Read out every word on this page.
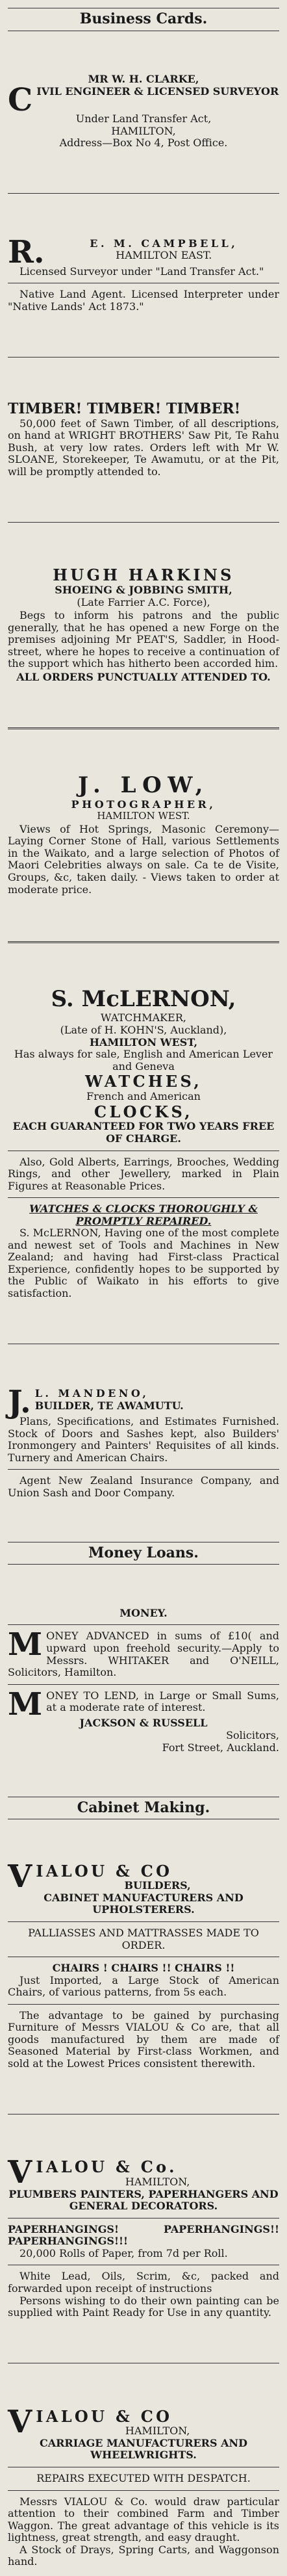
Business Cards.
MR W. H. CLARKE,
CIVIL ENGINEER & LICENSED SURVEYOR
Under Land Transfer Act,
HAMILTON,
Address—Box No 4, Post Office.
R.	E. M. CAMPBELL,
HAMILTON EAST.
Licensed Surveyor under "Land Transfer Act."
Native Land Agent. Licensed Interpreter under "Native Lands' Act 1873."
TIMBER! TIMBER! TIMBER!
50,000 feet of Sawn Timber, of all descriptions, on hand at WRIGHT BROTHERS' Saw Pit, Te Rahu Bush, at very low rates. Orders left with Mr W. SLOANE, Storekeeper, Te Awamutu, or at the Pit, will be promptly attended to.
HUGH HARKINS
SHOEING & JOBBING SMITH,
(Late Farrier A.C. Force),
Begs to inform his patrons and the public generally, that he has opened a new Forge on the premises adjoining Mr PEAT'S, Saddler, in Hood-street, where he hopes to receive a continuation of the support which has hitherto been accorded him.
ALL ORDERS PUNCTUALLY ATTENDED TO.
J. LOW,
PHOTOGRAPHER,
HAMILTON WEST.
Views of Hot Springs, Masonic Ceremony—Laying Corner Stone of Hall, various Settlements in the Waikato, and a large selection of Photos of Maori Celebrities always on sale. Ca te de Visite, Groups, &c, taken daily. - Views taken to order at moderate price.
S. McLERNON,
WATCHMAKER,
(Late of H. KOHN'S, Auckland),
HAMILTON WEST,
Has always for sale, English and American Lever and Geneva
WATCHES,
French and American
CLOCKS,
EACH GUARANTEED FOR TWO YEARS FREE OF CHARGE.
Also, Gold Alberts, Earrings, Brooches, Wedding Rings, and other Jewellery, marked in Plain Figures at Reasonable Prices.
WATCHES & CLOCKS THOROUGHLY & PROMPTLY REPAIRED.
S. McLERNON, Having one of the most complete and newest set of Tools and Machines in New Zealand; and having had First-class Practical Experience, confidently hopes to be supported by the Public of Waikato in his efforts to give satisfaction.
J. L. MANDENO,
BUILDER, TE AWAMUTU.
Plans, Specifications, and Estimates Furnished. Stock of Doors and Sashes kept, also Builders' Ironmongery and Painters' Requisites of all kinds. Turnery and American Chairs.
Agent New Zealand Insurance Company, and Union Sash and Door Company.
Money Loans.
MONEY.
MONEY ADVANCED in sums of £10( and upward upon freehold security.—Apply to Messrs. WHITAKER and O'NEILL, Solicitors, Hamilton.
MONEY TO LEND, in Large or Small Sums, at a moderate rate of interest.
JACKSON & RUSSELL
Solicitors,
Fort Street, Auckland.
Cabinet Making.
VIALOU & CO
BUILDERS,
CABINET MANUFACTURERS AND UPHOLSTERERS.
PALLIASSES AND MATTRASSES MADE TO ORDER.
CHAIRS ! CHAIRS !! CHAIRS !!
Just Imported, a Large Stock of American Chairs, of various patterns, from 5s each.
The advantage to be gained by purchasing Furniture of Messrs VIALOU & Co are, that all goods manufactured by them are made of Seasoned Material by First-class Workmen, and sold at the Lowest Prices consistent therewith.
VIALOU & Co.
HAMILTON,
PLUMBERS PAINTERS, PAPERHANGERS AND GENERAL DECORATORS.
PAPERHANGINGS! PAPERHANGINGS!! PAPERHANGINGS!!!
20,000 Rolls of Paper, from 7d per Roll.
White Lead, Oils, Scrim, &c, packed and forwarded upon receipt of instructions
Persons wishing to do their own painting can be supplied with Paint Ready for Use in any quantity.
VIALOU & CO
HAMILTON,
CARRIAGE MANUFACTURERS AND WHEELWRIGHTS.
REPAIRS EXECUTED WITH DESPATCH.
Messrs VIALOU & Co. would draw particular attention to their combined Farm and Timber Waggon. The great advantage of this vehicle is its lightness, great strength, and easy draught.
A Stock of Drays, Spring Carts, and Waggonson hand.
